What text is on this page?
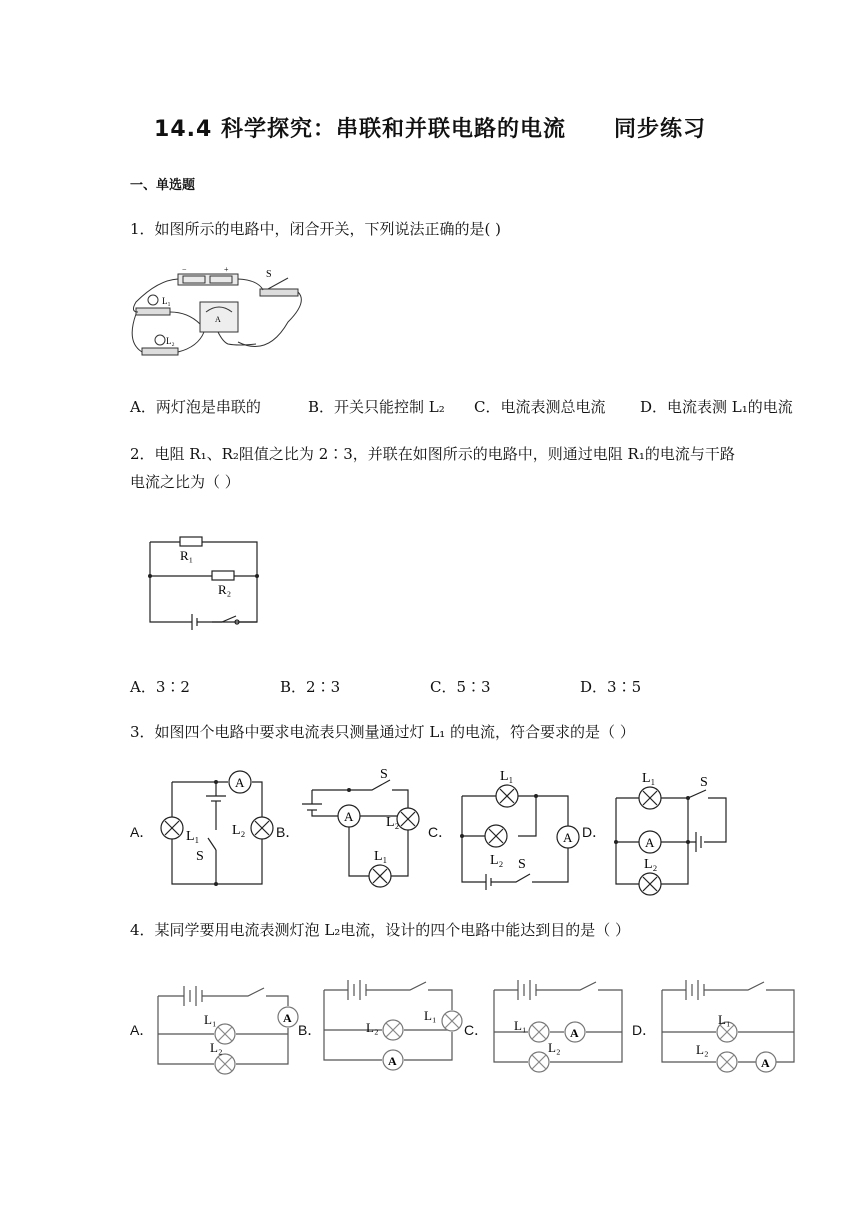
14.4 科学探究：串联和并联电路的电流 同步练习
一、单选题
1．如图所示的电路中，闭合开关，下列说法正确的是( )
S
L₁
L₂
A
−	+
A．两灯泡是串联的	B．开关只能控制 L₂ C．电流表测总电流 D．电流表测 L₁的电流
2．电阻 R₁、R₂阻值之比为 2∶3，并联在如图所示的电路中，则通过电阻 R₁的电流与干路
电流之比为（ ）
R₁
R₂
A．3∶2	B．2∶3	C．5∶3	D．3∶5
3．如图四个电路中要求电流表只测量通过灯 L₁ 的电流，符合要求的是（ ）
A．	B．	C．	D．
A
L₁ L₂
S
A
S
L₂
L₁
A
L₁
L₂ S
A
L₁
L₂
S
4．某同学要用电流表测灯泡 L₂电流，设计的四个电路中能达到目的是（ ）
A．	B．	C．	D．
A
L₁
L₂
A
L₁
L₂	A
L₁
L₂
A
L₁
L₂
